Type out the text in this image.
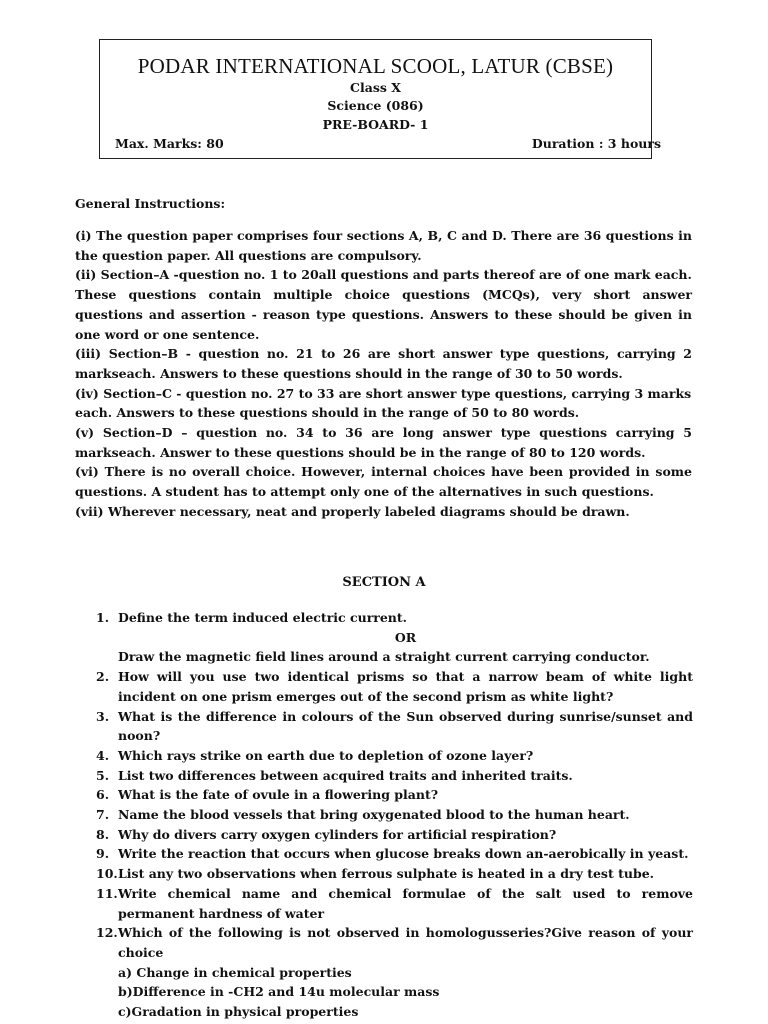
PODAR INTERNATIONAL SCOOL, LATUR (CBSE)
Class X
Science (086)
PRE-BOARD- 1
Max. Marks: 80	Duration : 3 hours
General Instructions:

(i) The question paper comprises four sections A, B, C and D. There are 36 questions in the question paper. All questions are compulsory.

(ii) Section–A -question no. 1 to 20all questions and parts thereof are of one mark each.

These questions contain multiple choice questions (MCQs), very short answer questions and assertion - reason type questions. Answers to these should be given in one word or one sentence.

(iii) Section–B - question no. 21 to 26 are short answer type questions, carrying 2 markseach. Answers to these questions should in the range of 30 to 50 words.

(iv) Section–C - question no. 27 to 33 are short answer type questions, carrying 3 marks

each. Answers to these questions should in the range of 50 to 80 words.

(v) Section–D – question no. 34 to 36 are long answer type questions carrying 5 markseach. Answer to these questions should be in the range of 80 to 120 words.

(vi) There is no overall choice. However, internal choices have been provided in some questions. A student has to attempt only one of the alternatives in such questions.

(vii) Wherever necessary, neat and properly labeled diagrams should be drawn.

SECTION A
1. Define the term induced electric current.
OR
Draw the magnetic field lines around a straight current carrying conductor.
2. How will you use two identical prisms so that a narrow beam of white light incident on one prism emerges out of the second prism as white light?
3. What is the difference in colours of the Sun observed during sunrise/sunset and noon?
4. Which rays strike on earth due to depletion of ozone layer?
5. List two differences between acquired traits and inherited traits.
6. What is the fate of ovule in a flowering plant?
7. Name the blood vessels that bring oxygenated blood to the human heart.
8. Why do divers carry oxygen cylinders for artificial respiration?
9. Write the reaction that occurs when glucose breaks down an-aerobically in yeast.
10. List any two observations when ferrous sulphate is heated in a dry test tube.
11. Write chemical name and chemical formulae of the salt used to remove permanent hardness of water
12. Which of the following is not observed in homologusseries?Give reason of your choice
a) Change in chemical properties
b)Difference in -CH2 and 14u molecular mass
c)Gradation in physical properties
